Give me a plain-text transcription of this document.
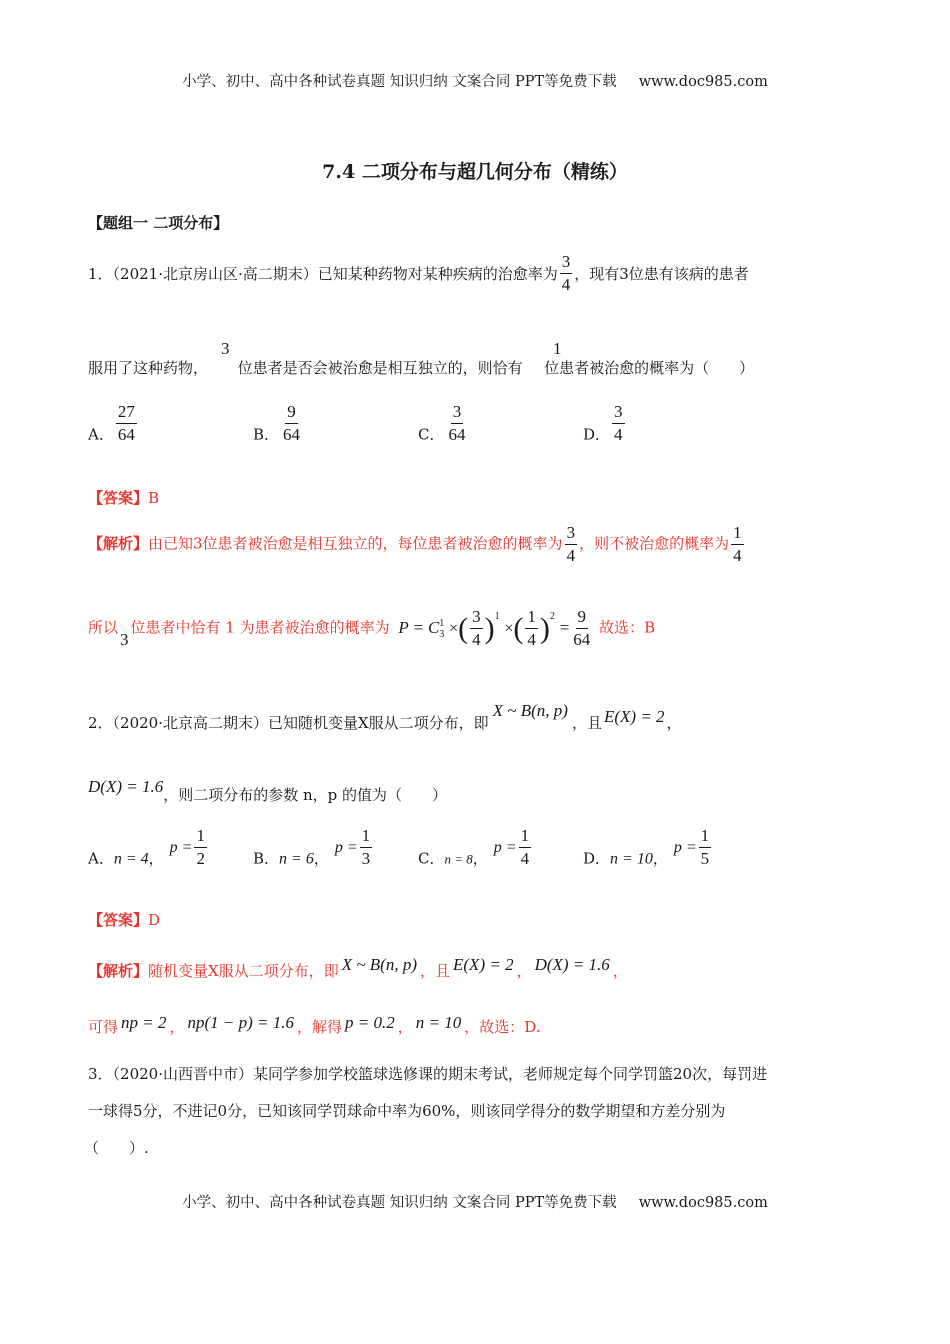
小学、初中、高中各种试卷真题 知识归纳 文案合同 PPT等免费下载 www.doc985.com
7.4 二项分布与超几何分布（精练）
【题组一 二项分布】
1．（2021·北京房山区·高二期末）已知某种药物对某种疾病的治愈率为 $\frac{3}{4}$ ，现有3位患有该病的患者
服用了这种药物， 位患者是否会被治愈是相互独立的，则恰有 位患者被治愈的概率为（　　）
3	1
A． $\frac{27}{64}$	B． $\frac{9}{64}$	C． $\frac{3}{64}$	D． $\frac{3}{4}$
【答案】B
【解析】由已知3位患者被治愈是相互独立的，每位患者被治愈的概率为 $\frac{3}{4}$ ，则不被治愈的概率为 $\frac{1}{4}$
所以3位患者中恰有 1 为患者被治愈的概率为 P = C 1
3 ×( $\frac{3}{4} )^1$ ×( $\frac{1}{4} )^2 = \frac{9}{64}$ 故选：B
2．（2020·北京高二期末）已知随机变量X服从二项分布，即X ~ B(n, p)，且 E(X) = 2 ，
D(X) = 1.6，则二项分布的参数 n，p 的值为（　　）
A．n = 4，$p = \frac{1}{2}$	B．n = 6，$p = \frac{1}{3}$	C．n = 8，$p = \frac{1}{4}$	D．n = 10，$p = \frac{1}{5}$
【答案】D
【解析】随机变量X服从二项分布，即 X ~ B(n, p) ，且 E(X) = 2 ， D(X) = 1.6 ，
可得 np = 2 ， np(1 − p) = 1.6 ，解得 p = 0.2 ， n = 10 ，故选：D.
3．（2020·山西晋中市）某同学参加学校篮球选修课的期末考试，老师规定每个同学罚篮20次，每罚进
一球得5分，不进记0分，已知该同学罚球命中率为60%，则该同学得分的数学期望和方差分别为
（　　）.
小学、初中、高中各种试卷真题 知识归纳 文案合同 PPT等免费下载 www.doc985.com
